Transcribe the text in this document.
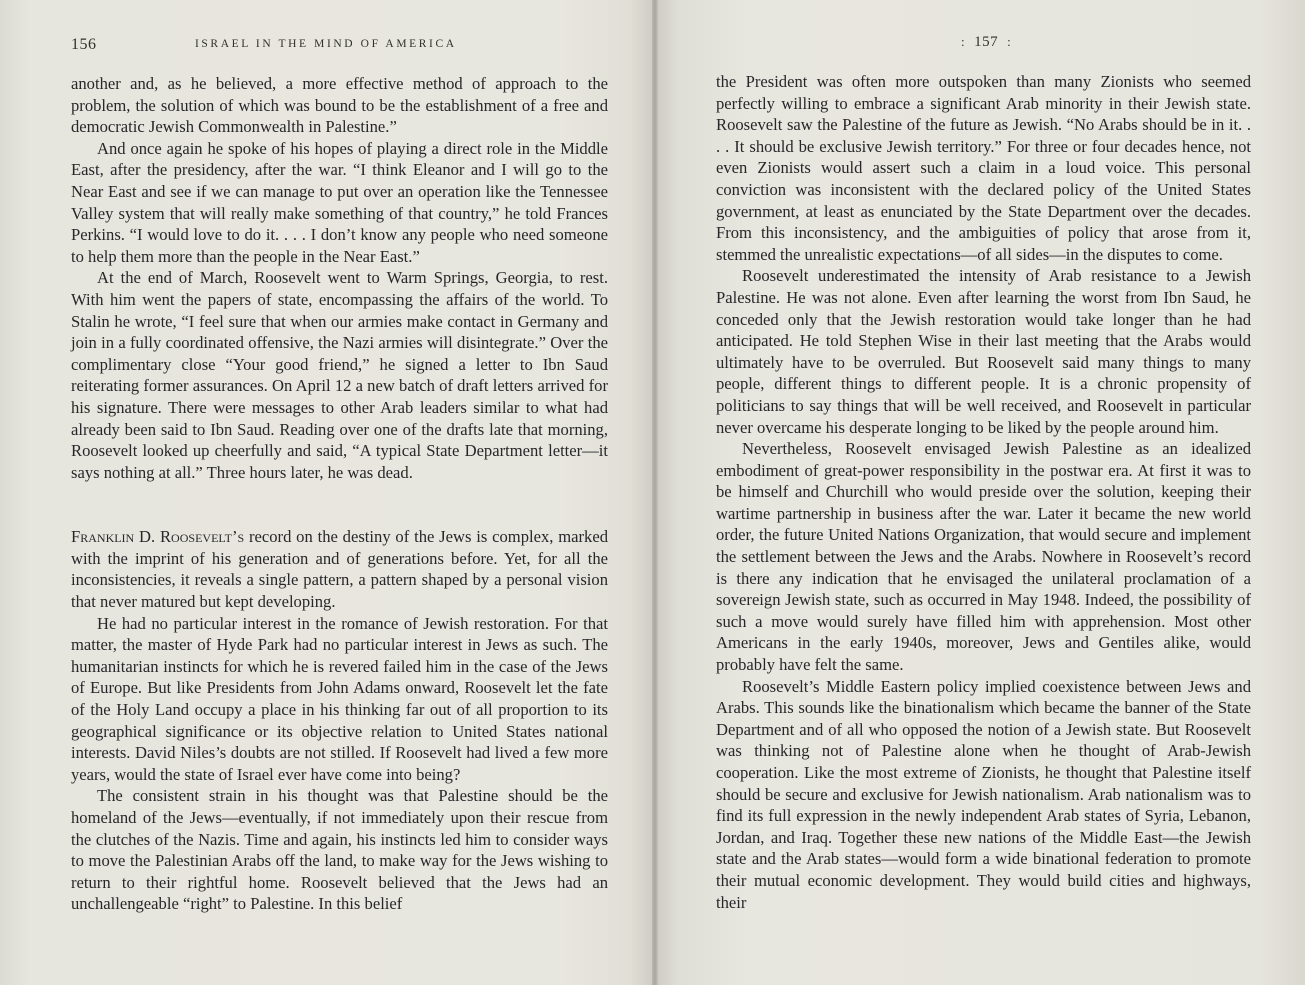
156	ISRAEL IN THE MIND OF AMERICA

another and, as he believed, a more effective method of approach to the problem, the solution of which was bound to be the establishment of a free and democratic Jewish Commonwealth in Palestine.”

And once again he spoke of his hopes of playing a direct role in the Middle East, after the presidency, after the war. “I think Eleanor and I will go to the Near East and see if we can manage to put over an operation like the Tennessee Valley system that will really make something of that country,” he told Frances Perkins. “I would love to do it. . . . I don’t know any people who need someone to help them more than the people in the Near East.”

At the end of March, Roosevelt went to Warm Springs, Georgia, to rest. With him went the papers of state, encompassing the affairs of the world. To Stalin he wrote, “I feel sure that when our armies make contact in Germany and join in a fully coordinated offensive, the Nazi armies will disintegrate.” Over the complimentary close “Your good friend,” he signed a letter to Ibn Saud reiterating former assurances. On April 12 a new batch of draft letters arrived for his signature. There were messages to other Arab leaders similar to what had already been said to Ibn Saud. Reading over one of the drafts late that morning, Roosevelt looked up cheerfully and said, “A typical State Department letter—it says nothing at all.” Three hours later, he was dead.

Franklin D. Roosevelt’s record on the destiny of the Jews is complex, marked with the imprint of his generation and of generations before. Yet, for all the inconsistencies, it reveals a single pattern, a pattern shaped by a personal vision that never matured but kept developing.

He had no particular interest in the romance of Jewish restoration. For that matter, the master of Hyde Park had no particular interest in Jews as such. The humanitarian instincts for which he is revered failed him in the case of the Jews of Europe. But like Presidents from John Adams onward, Roosevelt let the fate of the Holy Land occupy a place in his thinking far out of all proportion to its geographical significance or its objective relation to United States national interests. David Niles’s doubts are not stilled. If Roosevelt had lived a few more years, would the state of Israel ever have come into being?

The consistent strain in his thought was that Palestine should be the homeland of the Jews—eventually, if not immediately upon their rescue from the clutches of the Nazis. Time and again, his instincts led him to consider ways to move the Palestinian Arabs off the land, to make way for the Jews wishing to return to their rightful home. Roosevelt believed that the Jews had an unchallengeable “right” to Palestine. In this belief

: 157 :

the President was often more outspoken than many Zionists who seemed perfectly willing to embrace a significant Arab minority in their Jewish state. Roosevelt saw the Palestine of the future as Jewish. “No Arabs should be in it. . . . It should be exclusive Jewish territory.” For three or four decades hence, not even Zionists would assert such a claim in a loud voice. This personal conviction was inconsistent with the declared policy of the United States government, at least as enunciated by the State Department over the decades. From this inconsistency, and the ambiguities of policy that arose from it, stemmed the unrealistic expectations—of all sides—in the disputes to come.

Roosevelt underestimated the intensity of Arab resistance to a Jewish Palestine. He was not alone. Even after learning the worst from Ibn Saud, he conceded only that the Jewish restoration would take longer than he had anticipated. He told Stephen Wise in their last meeting that the Arabs would ultimately have to be overruled. But Roosevelt said many things to many people, different things to different people. It is a chronic propensity of politicians to say things that will be well received, and Roosevelt in particular never overcame his desperate longing to be liked by the people around him.

Nevertheless, Roosevelt envisaged Jewish Palestine as an idealized embodiment of great-power responsibility in the postwar era. At first it was to be himself and Churchill who would preside over the solution, keeping their wartime partnership in business after the war. Later it became the new world order, the future United Nations Organization, that would secure and implement the settlement between the Jews and the Arabs. Nowhere in Roosevelt’s record is there any indication that he envisaged the unilateral proclamation of a sovereign Jewish state, such as occurred in May 1948. Indeed, the possibility of such a move would surely have filled him with apprehension. Most other Americans in the early 1940s, moreover, Jews and Gentiles alike, would probably have felt the same.

Roosevelt’s Middle Eastern policy implied coexistence between Jews and Arabs. This sounds like the binationalism which became the banner of the State Department and of all who opposed the notion of a Jewish state. But Roosevelt was thinking not of Palestine alone when he thought of Arab-Jewish cooperation. Like the most extreme of Zionists, he thought that Palestine itself should be secure and exclusive for Jewish nationalism. Arab nationalism was to find its full expression in the newly independent Arab states of Syria, Lebanon, Jordan, and Iraq. Together these new nations of the Middle East—the Jewish state and the Arab states—would form a wide binational federation to promote their mutual economic development. They would build cities and highways, their
